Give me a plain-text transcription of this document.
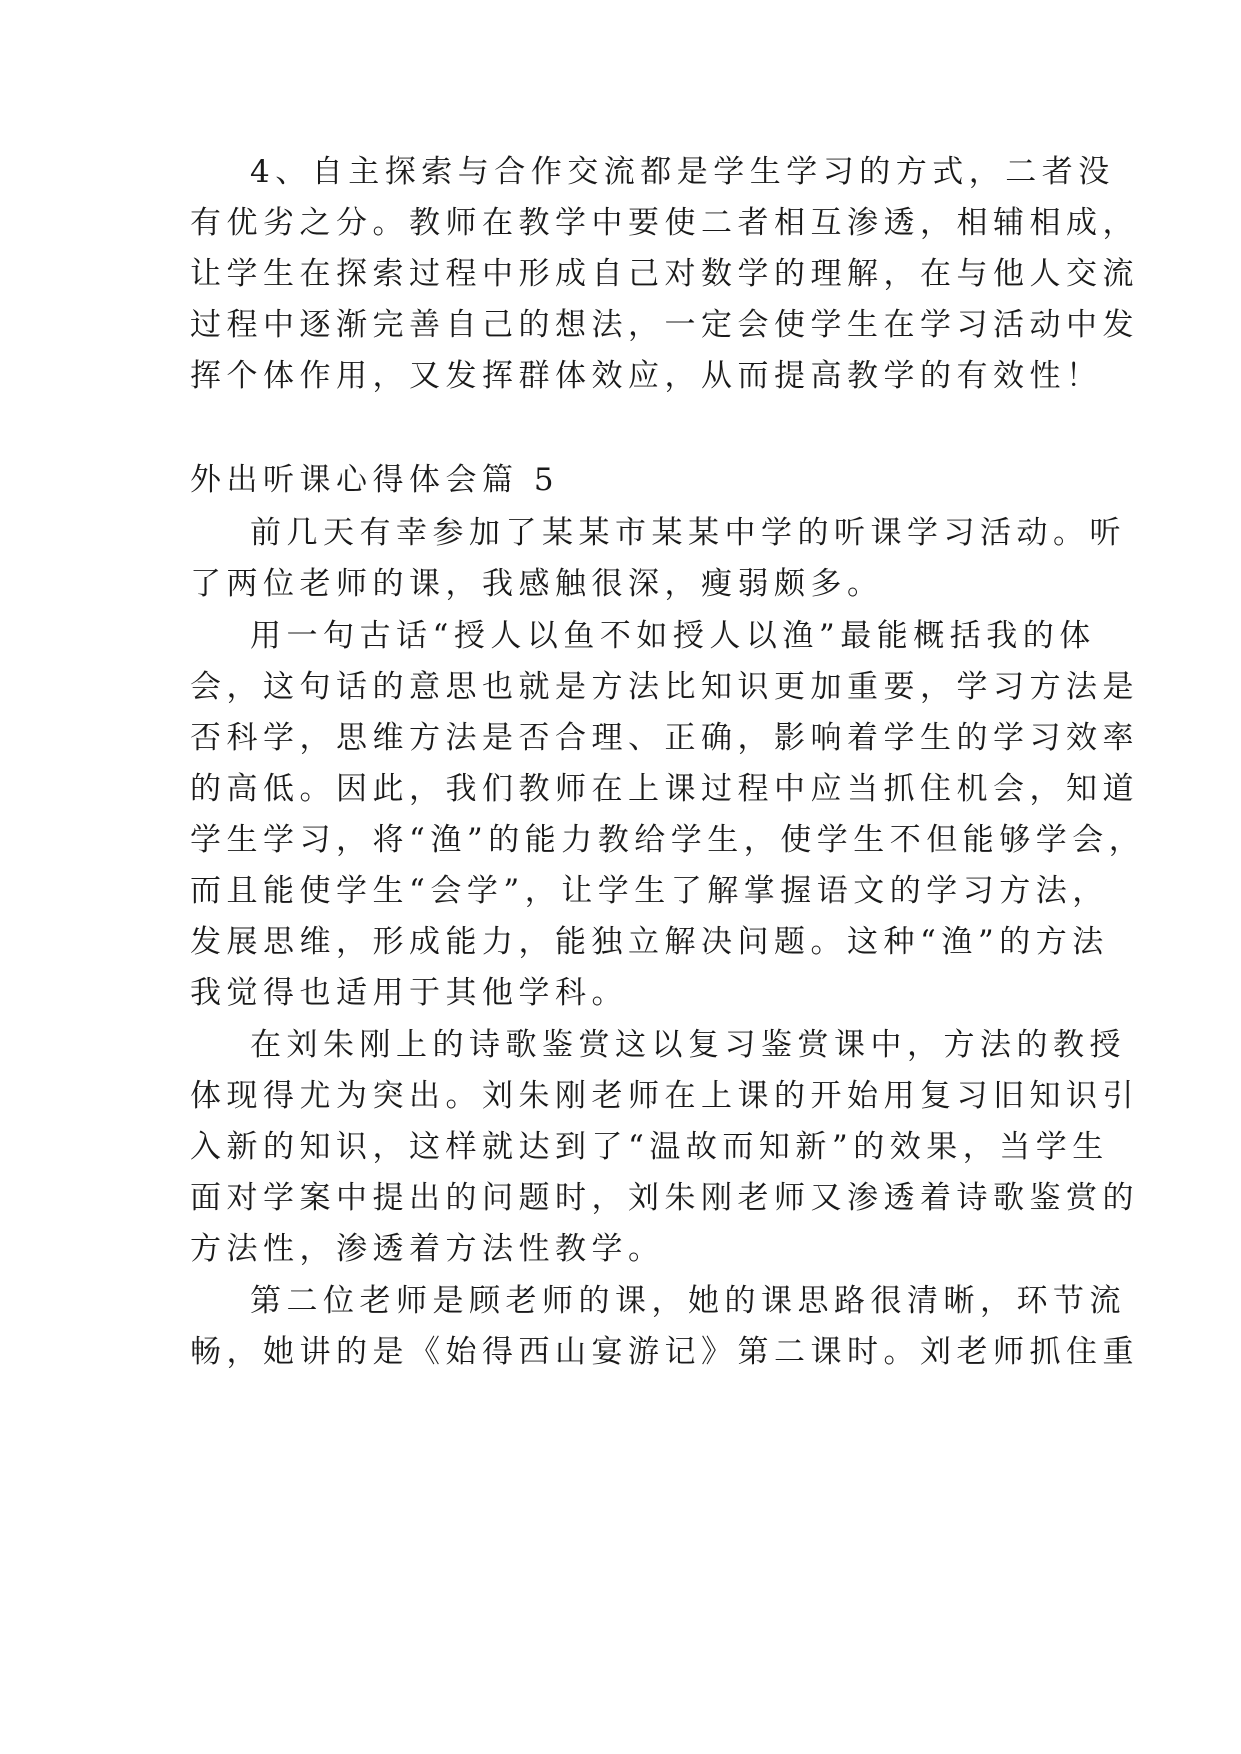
4、自主探索与合作交流都是学生学习的方式，二者没
有优劣之分。教师在教学中要使二者相互渗透，相辅相成，
让学生在探索过程中形成自己对数学的理解，在与他人交流
过程中逐渐完善自己的想法，一定会使学生在学习活动中发
挥个体作用，又发挥群体效应，从而提高教学的有效性！
外出听课心得体会篇 5
前几天有幸参加了某某市某某中学的听课学习活动。听
了两位老师的课，我感触很深，瘦弱颇多。
用一句古话“授人以鱼不如授人以渔”最能概括我的体
会，这句话的意思也就是方法比知识更加重要，学习方法是
否科学，思维方法是否合理、正确，影响着学生的学习效率
的高低。因此，我们教师在上课过程中应当抓住机会，知道
学生学习，将“渔”的能力教给学生，使学生不但能够学会，
而且能使学生“会学”，让学生了解掌握语文的学习方法，
发展思维，形成能力，能独立解决问题。这种“渔”的方法
我觉得也适用于其他学科。
在刘朱刚上的诗歌鉴赏这以复习鉴赏课中，方法的教授
体现得尤为突出。刘朱刚老师在上课的开始用复习旧知识引
入新的知识，这样就达到了“温故而知新”的效果，当学生
面对学案中提出的问题时，刘朱刚老师又渗透着诗歌鉴赏的
方法性，渗透着方法性教学。
第二位老师是顾老师的课，她的课思路很清晰，环节流
畅，她讲的是《始得西山宴游记》第二课时。刘老师抓住重
